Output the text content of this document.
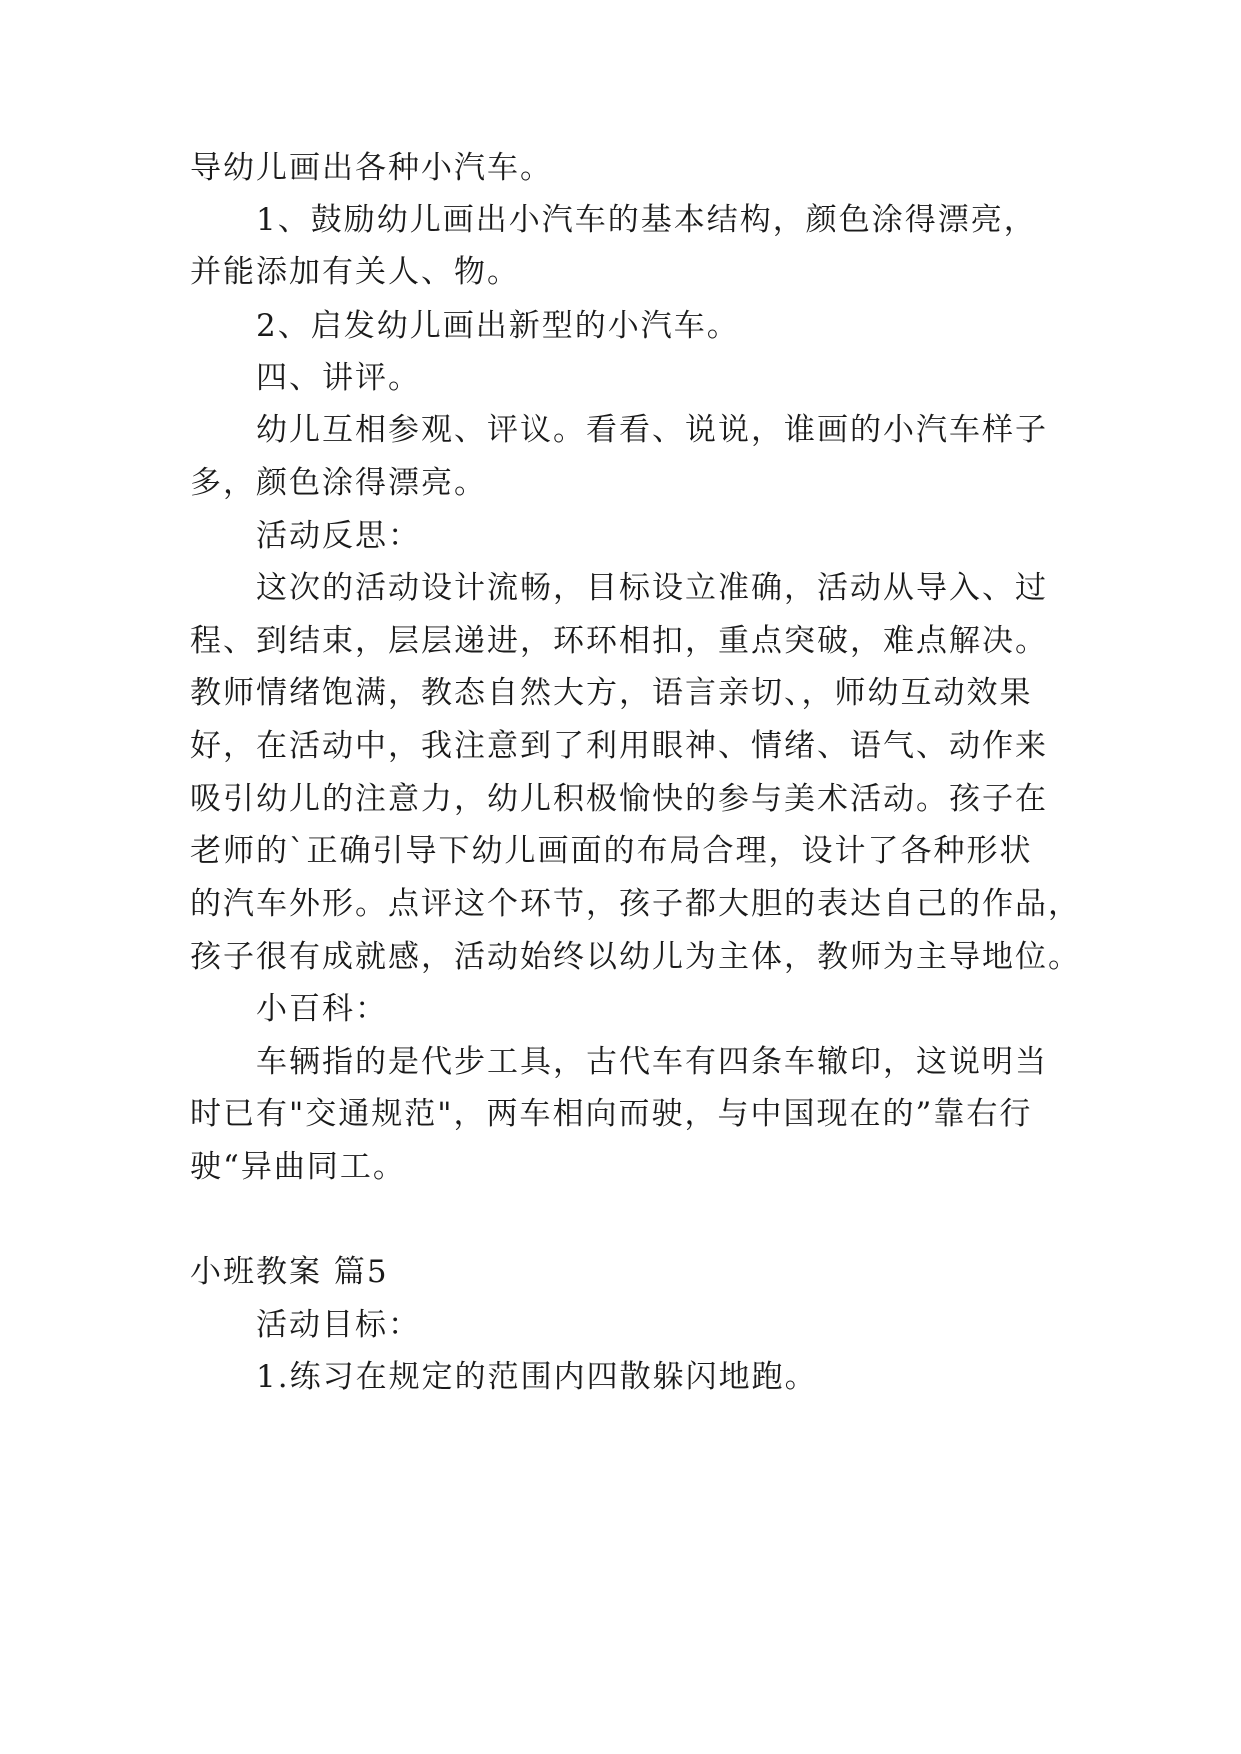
导幼儿画出各种小汽车。
1、鼓励幼儿画出小汽车的基本结构，颜色涂得漂亮，
并能添加有关人、物。
2、启发幼儿画出新型的小汽车。
四、讲评。
幼儿互相参观、评议。看看、说说，谁画的小汽车样子
多，颜色涂得漂亮。
活动反思：
这次的活动设计流畅，目标设立准确，活动从导入、过
程、到结束，层层递进，环环相扣，重点突破，难点解决。
教师情绪饱满，教态自然大方，语言亲切、，师幼互动效果
好，在活动中，我注意到了利用眼神、情绪、语气、动作来
吸引幼儿的注意力，幼儿积极愉快的参与美术活动。孩子在
老师的`正确引导下幼儿画面的布局合理，设计了各种形状
的汽车外形。点评这个环节，孩子都大胆的表达自己的作品，
孩子很有成就感，活动始终以幼儿为主体，教师为主导地位。
小百科：
车辆指的是代步工具，古代车有四条车辙印，这说明当
时已有"交通规范"，两车相向而驶，与中国现在的”靠右行
驶“异曲同工。
小班教案 篇5
活动目标：
1.练习在规定的范围内四散躲闪地跑。
